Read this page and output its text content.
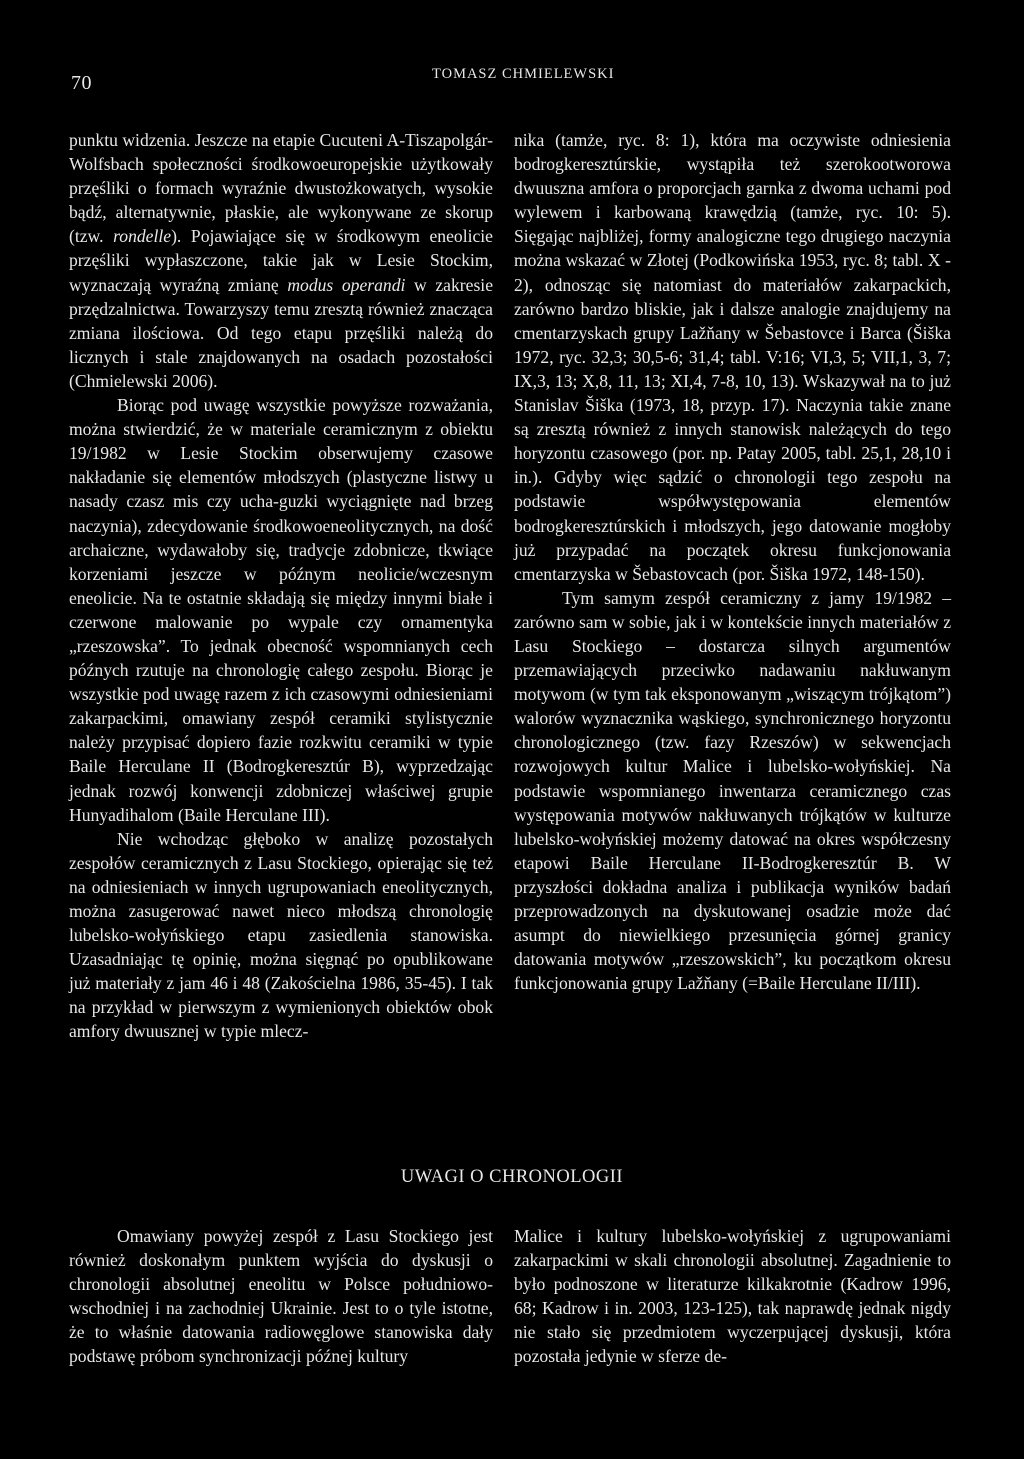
70	TOMASZ CHMIELEWSKI

punktu widzenia. Jeszcze na etapie Cucuteni A-Tiszapolgár-Wolfsbach społeczności środkowoeuropejskie użytkowały przęśliki o formach wyraźnie dwustożkowatych, wysokie bądź, alternatywnie, płaskie, ale wykonywane ze skorup (tzw. rondelle). Pojawiające się w środkowym eneolicie przęśliki wypłaszczone, takie jak w Lesie Stockim, wyznaczają wyraźną zmianę modus operandi w zakresie przędzalnictwa. Towarzyszy temu zresztą również znacząca zmiana ilościowa. Od tego etapu przęśliki należą do licznych i stale znajdowanych na osadach pozostałości (Chmielewski 2006).

Biorąc pod uwagę wszystkie powyższe rozważania, można stwierdzić, że w materiale ceramicznym z obiektu 19/1982 w Lesie Stockim obserwujemy czasowe nakładanie się elementów młodszych (plastyczne listwy u nasady czasz mis czy ucha-guzki wyciągnięte nad brzeg naczynia), zdecydowanie środkowoeneolitycznych, na dość archaiczne, wydawałoby się, tradycje zdobnicze, tkwiące korzeniami jeszcze w późnym neolicie/wczesnym eneolicie. Na te ostatnie składają się między innymi białe i czerwone malowanie po wypale czy ornamentyka „rzeszowska”. To jednak obecność wspomnianych cech późnych rzutuje na chronologię całego zespołu. Biorąc je wszystkie pod uwagę razem z ich czasowymi odniesieniami zakarpackimi, omawiany zespół ceramiki stylistycznie należy przypisać dopiero fazie rozkwitu ceramiki w typie Baile Herculane II (Bodrogkeresztúr B), wyprzedzając jednak rozwój konwencji zdobniczej właściwej grupie Hunyadihalom (Baile Herculane III).

Nie wchodząc głęboko w analizę pozostałych zespołów ceramicznych z Lasu Stockiego, opierając się też na odniesieniach w innych ugrupowaniach eneolitycznych, można zasugerować nawet nieco młodszą chronologię lubelsko-wołyńskiego etapu zasiedlenia stanowiska. Uzasadniając tę opinię, można sięgnąć po opublikowane już materiały z jam 46 i 48 (Zakościelna 1986, 35-45). I tak na przykład w pierwszym z wymienionych obiektów obok amfory dwuusznej w typie mlecz-

nika (tamże, ryc. 8: 1), która ma oczywiste odniesienia bodrogkeresztúrskie, wystąpiła też szerokootworowa dwuuszna amfora o proporcjach garnka z dwoma uchami pod wylewem i karbowaną krawędzią (tamże, ryc. 10: 5). Sięgając najbliżej, formy analogiczne tego drugiego naczynia można wskazać w Złotej (Podkowińska 1953, ryc. 8; tabl. X - 2), odnosząc się natomiast do materiałów zakarpackich, zarówno bardzo bliskie, jak i dalsze analogie znajdujemy na cmentarzyskach grupy Lažňany w Šebastovce i Barca (Šiška 1972, ryc. 32,3; 30,5-6; 31,4; tabl. V:16; VI,3, 5; VII,1, 3, 7; IX,3, 13; X,8, 11, 13; XI,4, 7-8, 10, 13). Wskazywał na to już Stanislav Šiška (1973, 18, przyp. 17). Naczynia takie znane są zresztą również z innych stanowisk należących do tego horyzontu czasowego (por. np. Patay 2005, tabl. 25,1, 28,10 i in.). Gdyby więc sądzić o chronologii tego zespołu na podstawie współwystępowania elementów bodrogkeresztúrskich i młodszych, jego datowanie mogłoby już przypadać na początek okresu funkcjonowania cmentarzyska w Šebastovcach (por. Šiška 1972, 148-150).

Tym samym zespół ceramiczny z jamy 19/1982 – zarówno sam w sobie, jak i w kontekście innych materiałów z Lasu Stockiego – dostarcza silnych argumentów przemawiających przeciwko nadawaniu nakłuwanym motywom (w tym tak eksponowanym „wiszącym trójkątom”) walorów wyznacznika wąskiego, synchronicznego horyzontu chronologicznego (tzw. fazy Rzeszów) w sekwencjach rozwojowych kultur Malice i lubelsko-wołyńskiej. Na podstawie wspomnianego inwentarza ceramicznego czas występowania motywów nakłuwanych trójkątów w kulturze lubelsko-wołyńskiej możemy datować na okres współczesny etapowi Baile Herculane II-Bodrogkeresztúr B. W przyszłości dokładna analiza i publikacja wyników badań przeprowadzonych na dyskutowanej osadzie może dać asumpt do niewielkiego przesunięcia górnej granicy datowania motywów „rzeszowskich”, ku początkom okresu funkcjonowania grupy Lažňany (=Baile Herculane II/III).

UWAGI O CHRONOLOGII

Omawiany powyżej zespół z Lasu Stockiego jest również doskonałym punktem wyjścia do dyskusji o chronologii absolutnej eneolitu w Polsce południowo-wschodniej i na zachodniej Ukrainie. Jest to o tyle istotne, że to właśnie datowania radiowęglowe stanowiska dały podstawę próbom synchronizacji późnej kultury

Malice i kultury lubelsko-wołyńskiej z ugrupowaniami zakarpackimi w skali chronologii absolutnej. Zagadnienie to było podnoszone w literaturze kilkakrotnie (Kadrow 1996, 68; Kadrow i in. 2003, 123-125), tak naprawdę jednak nigdy nie stało się przedmiotem wyczerpującej dyskusji, która pozostała jedynie w sferze de-
